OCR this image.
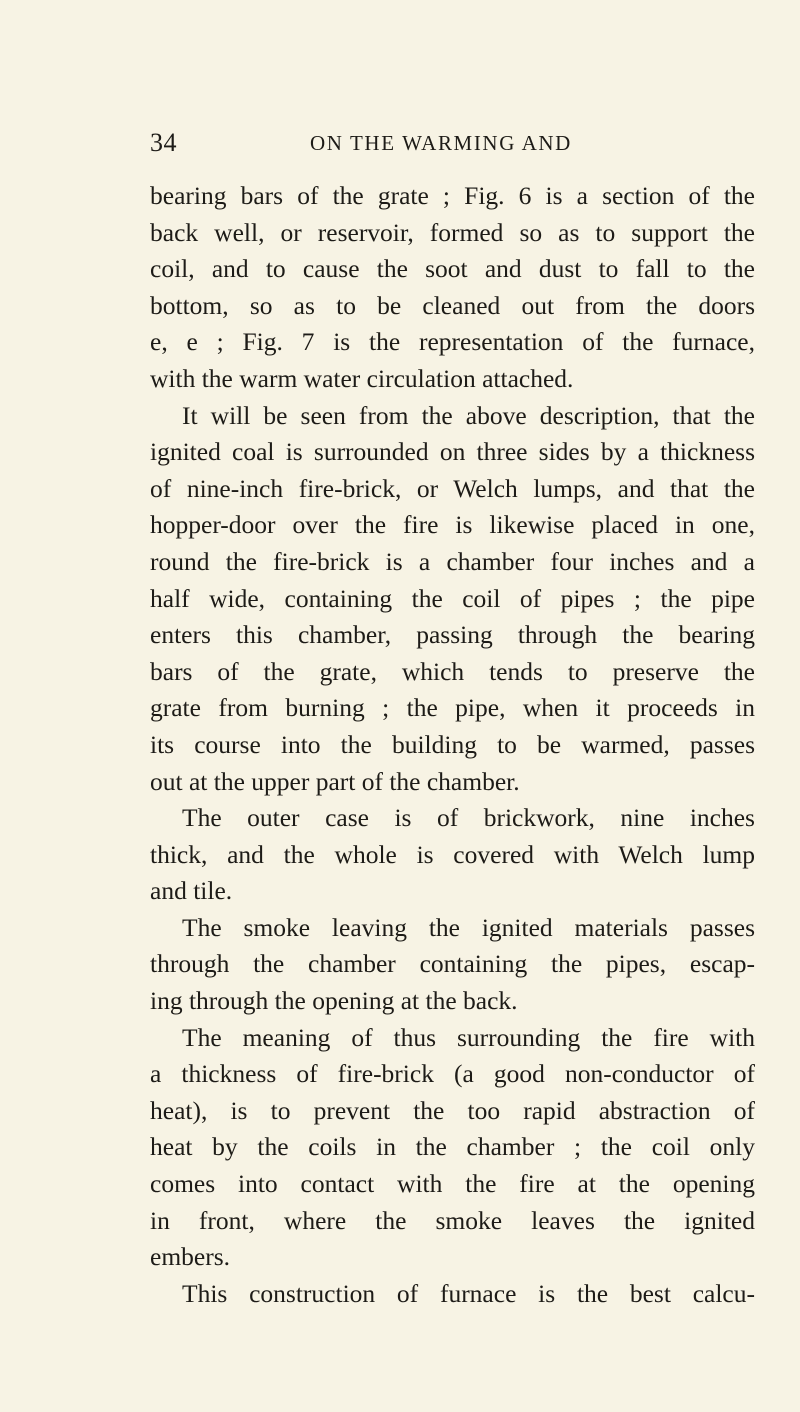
34	ON THE WARMING AND
bearing bars of the grate ; Fig. 6 is a section of the
back well, or reservoir, formed so as to support the
coil, and to cause the soot and dust to fall to the
bottom, so as to be cleaned out from the doors
e, e ; Fig. 7 is the representation of the furnace,
with the warm water circulation attached.
It will be seen from the above description, that the
ignited coal is surrounded on three sides by a thickness
of nine-inch fire-brick, or Welch lumps, and that the
hopper-door over the fire is likewise placed in one,
round the fire-brick is a chamber four inches and a
half wide, containing the coil of pipes ; the pipe
enters this chamber, passing through the bearing
bars of the grate, which tends to preserve the
grate from burning ; the pipe, when it proceeds in
its course into the building to be warmed, passes
out at the upper part of the chamber.
The outer case is of brickwork, nine inches
thick, and the whole is covered with Welch lump
and tile.
The smoke leaving the ignited materials passes
through the chamber containing the pipes, escap-
ing through the opening at the back.
The meaning of thus surrounding the fire with
a thickness of fire-brick (a good non-conductor of
heat), is to prevent the too rapid abstraction of
heat by the coils in the chamber ; the coil only
comes into contact with the fire at the opening
in front, where the smoke leaves the ignited
embers.
This construction of furnace is the best calcu-
